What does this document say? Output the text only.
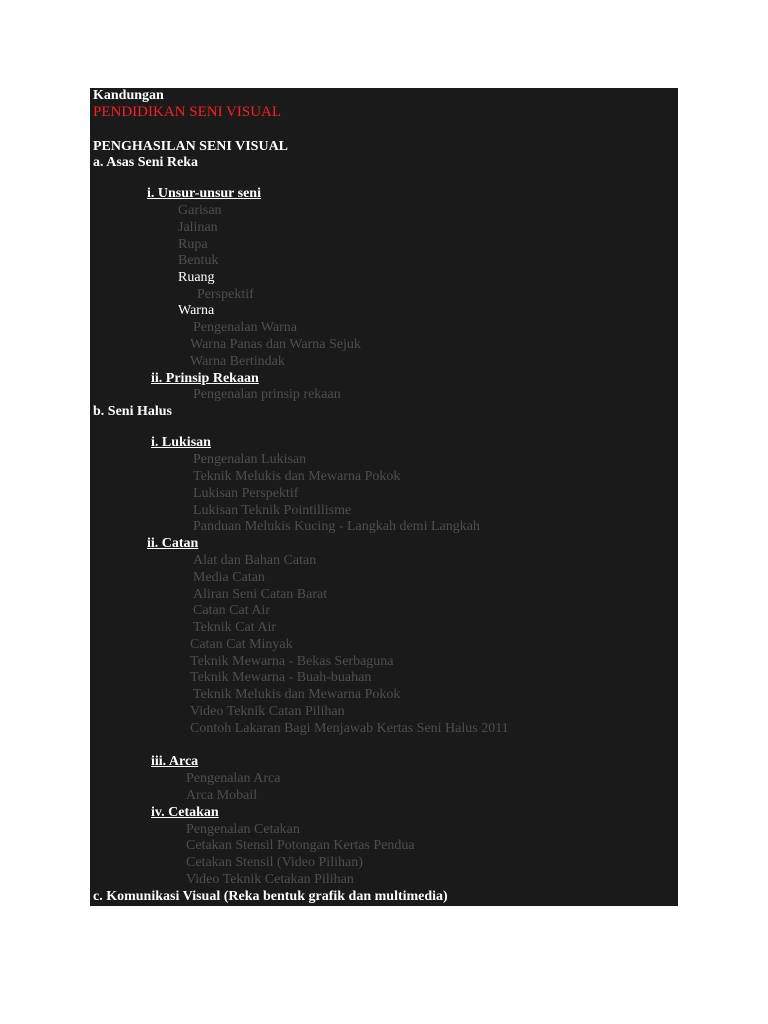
Kandungan
PENDIDIKAN SENI VISUAL
PENGHASILAN SENI VISUAL
a. Asas Seni Reka
i. Unsur-unsur seni
Garisan
Jalinan
Rupa
Bentuk
Ruang
Perspektif
Warna
Pengenalan Warna
Warna Panas dan Warna Sejuk
Warna Bertindak
ii. Prinsip Rekaan
Pengenalan prinsip rekaan
b. Seni Halus
i. Lukisan
Pengenalan Lukisan
Teknik Melukis dan Mewarna Pokok
Lukisan Perspektif
Lukisan Teknik Pointillisme
Panduan Melukis Kucing - Langkah demi Langkah
ii. Catan
Alat dan Bahan Catan
Media Catan
Aliran Seni Catan Barat
Catan Cat Air
Teknik Cat Air
Catan Cat Minyak
Teknik Mewarna - Bekas Serbaguna
Teknik Mewarna - Buah-buahan
Teknik Melukis dan Mewarna Pokok
Video Teknik Catan Pilihan
Contoh Lakaran Bagi Menjawab Kertas Seni Halus 2011
iii. Arca
Pengenalan Arca
Arca Mobail
iv. Cetakan
Pengenalan Cetakan
Cetakan Stensil Potongan Kertas Pendua
Cetakan Stensil (Video Pilihan)
Video Teknik Cetakan Pilihan
c. Komunikasi Visual (Reka bentuk grafik dan multimedia)
